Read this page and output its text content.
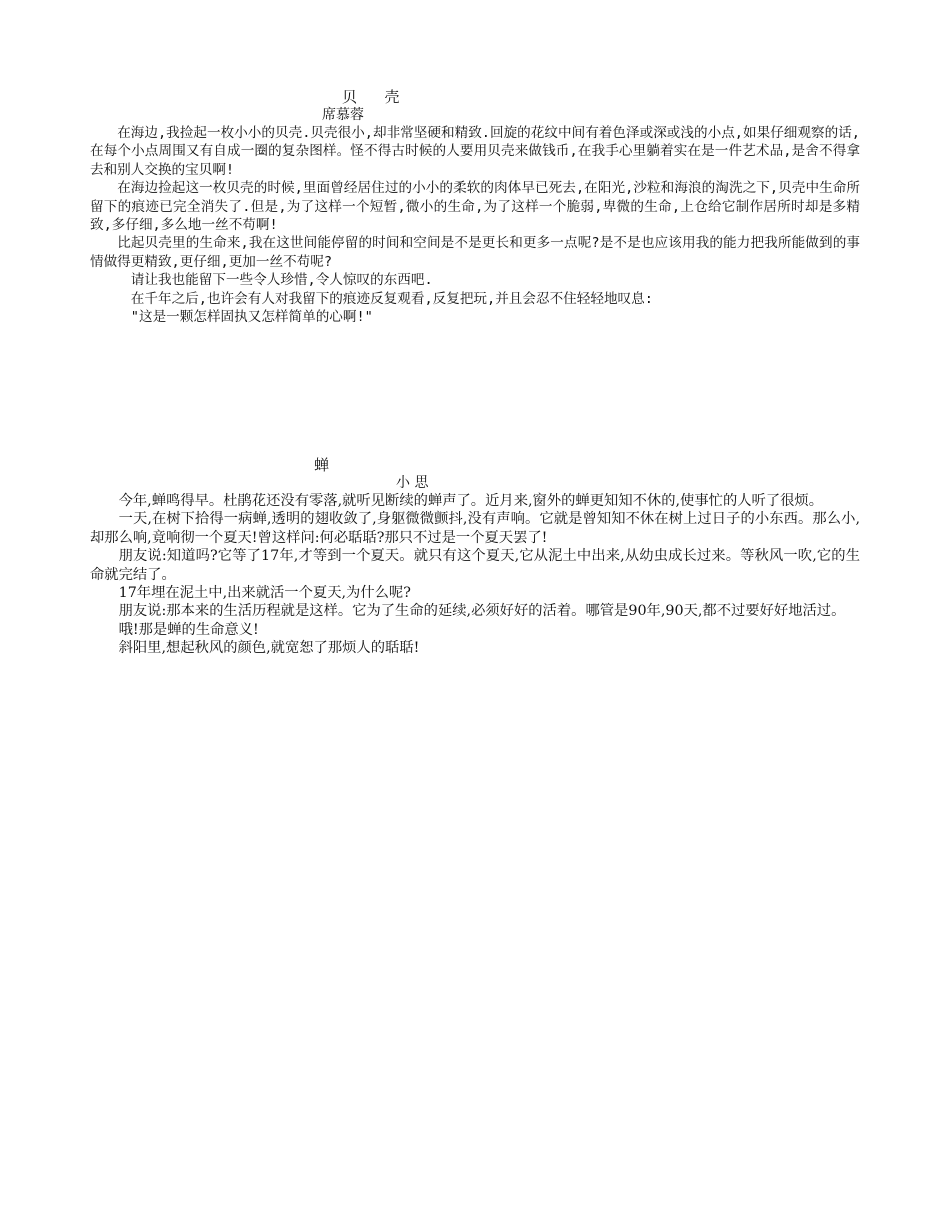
贝  壳
席慕蓉

在海边,我捡起一枚小小的贝壳.贝壳很小,却非常坚硬和精致.回旋的花纹中间有着色泽或深或浅的小点,如果仔细观察的话,在每个小点周围又有自成一圈的复杂图样。怪不得古时候的人要用贝壳来做钱币,在我手心里躺着实在是一件艺术品,是舍不得拿去和别人交换的宝贝啊!

在海边捡起这一枚贝壳的时候,里面曾经居住过的小小的柔软的肉体早已死去,在阳光,沙粒和海浪的淘洗之下,贝壳中生命所留下的痕迹已完全消失了.但是,为了这样一个短暂,微小的生命,为了这样一个脆弱,卑微的生命,上仓给它制作居所时却是多精致,多仔细,多么地一丝不苟啊!

比起贝壳里的生命来,我在这世间能停留的时间和空间是不是更长和更多一点呢?是不是也应该用我的能力把我所能做到的事情做得更精致,更仔细,更加一丝不苟呢?

请让我也能留下一些令人珍惜,令人惊叹的东西吧.

在千年之后,也许会有人对我留下的痕迹反复观看,反复把玩,并且会忍不住轻轻地叹息:

"这是一颗怎样固执又怎样简单的心啊!"

蝉
小 思

今年,蝉鸣得早。杜鹃花还没有零落,就听见断续的蝉声了。近月来,窗外的蝉更知知不休的,使事忙的人听了很烦。

一天,在树下拾得一病蝉,透明的翅收敛了,身躯微微颤抖,没有声响。它就是曾知知不休在树上过日子的小东西。那么小,却那么响,竟响彻一个夏天!曾这样问:何必聒聒?那只不过是一个夏天罢了!

朋友说:知道吗?它等了17年,才等到一个夏天。就只有这个夏天,它从泥土中出来,从幼虫成长过来。等秋风一吹,它的生命就完结了。

17年埋在泥土中,出来就活一个夏天,为什么呢?

朋友说:那本来的生活历程就是这样。它为了生命的延续,必须好好的活着。哪管是90年,90天,都不过要好好地活过。

哦!那是蝉的生命意义!

斜阳里,想起秋风的颜色,就宽恕了那烦人的聒聒!
